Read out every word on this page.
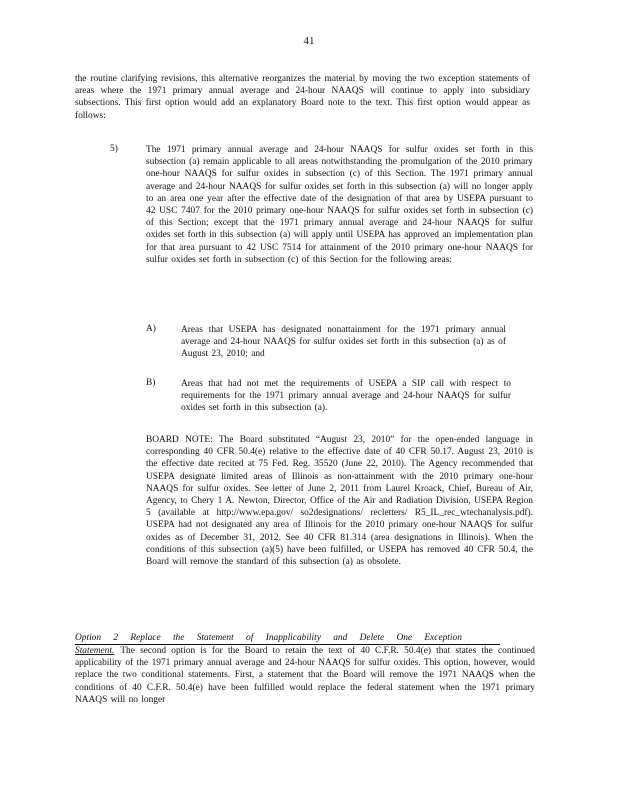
41

the routine clarifying revisions, this alternative reorganizes the material by moving the two exception statements of areas where the 1971 primary annual average and 24-hour NAAQS will continue to apply into subsidiary subsections. This first option would add an explanatory Board note to the text. This first option would appear as follows:

5)	The 1971 primary annual average and 24-hour NAAQS for sulfur oxides set forth in this subsection (a) remain applicable to all areas notwithstanding the promulgation of the 2010 primary one-hour NAAQS for sulfur oxides in subsection (c) of this Section. The 1971 primary annual average and 24-hour NAAQS for sulfur oxides set forth in this subsection (a) will no longer apply to an area one year after the effective date of the designation of that area by USEPA pursuant to 42 USC 7407 for the 2010 primary one-hour NAAQS for sulfur oxides set forth in subsection (c) of this Section; except that the 1971 primary annual average and 24-hour NAAQS for sulfur oxides set forth in this subsection (a) will apply until USEPA has approved an implementation plan for that area pursuant to 42 USC 7514 for attainment of the 2010 primary one-hour NAAQS for sulfur oxides set forth in subsection (c) of this Section for the following areas:

A)	Areas that USEPA has designated nonattainment for the 1971 primary annual average and 24-hour NAAQS for sulfur oxides set forth in this subsection (a) as of August 23, 2010; and

B)	Areas that had not met the requirements of USEPA a SIP call with respect to requirements for the 1971 primary annual average and 24-hour NAAQS for sulfur oxides set forth in this subsection (a).

BOARD NOTE: The Board substituted “August 23, 2010” for the open-ended language in corresponding 40 CFR 50.4(e) relative to the effective date of 40 CFR 50.17. August 23, 2010 is the effective date recited at 75 Fed. Reg. 35520 (June 22, 2010). The Agency recommended that USEPA designate limited areas of Illinois as non-attainment with the 2010 primary one-hour NAAQS for sulfur oxides. See letter of June 2, 2011 from Laurel Kroack, Chief, Bureau of Air, Agency, to Chery 1 A. Newton, Director, Office of the Air and Radiation Division, USEPA Region 5 (available at http://www.epa.gov/ so2designations/ recletters/ R5_IL_rec_wtechanalysis.pdf). USEPA had not designated any area of Illinois for the 2010 primary one-hour NAAQS for sulfur oxides as of December 31, 2012. See 40 CFR 81.314 (area designations in Illinois). When the conditions of this subsection (a)(5) have been fulfilled, or USEPA has removed 40 CFR 50.4, the Board will remove the standard of this subsection (a) as obsolete.

Option 2 Replace the Statement of Inapplicability and Delete One Exception

Statement. The second option is for the Board to retain the text of 40 C.F.R. 50.4(e) that states the continued applicability of the 1971 primary annual average and 24-hour NAAQS for sulfur oxides. This option, however, would replace the two conditional statements. First, a statement that the Board will remove the 1971 NAAQS when the conditions of 40 C.F.R. 50.4(e) have been fulfilled would replace the federal statement when the 1971 primary NAAQS will no longer
